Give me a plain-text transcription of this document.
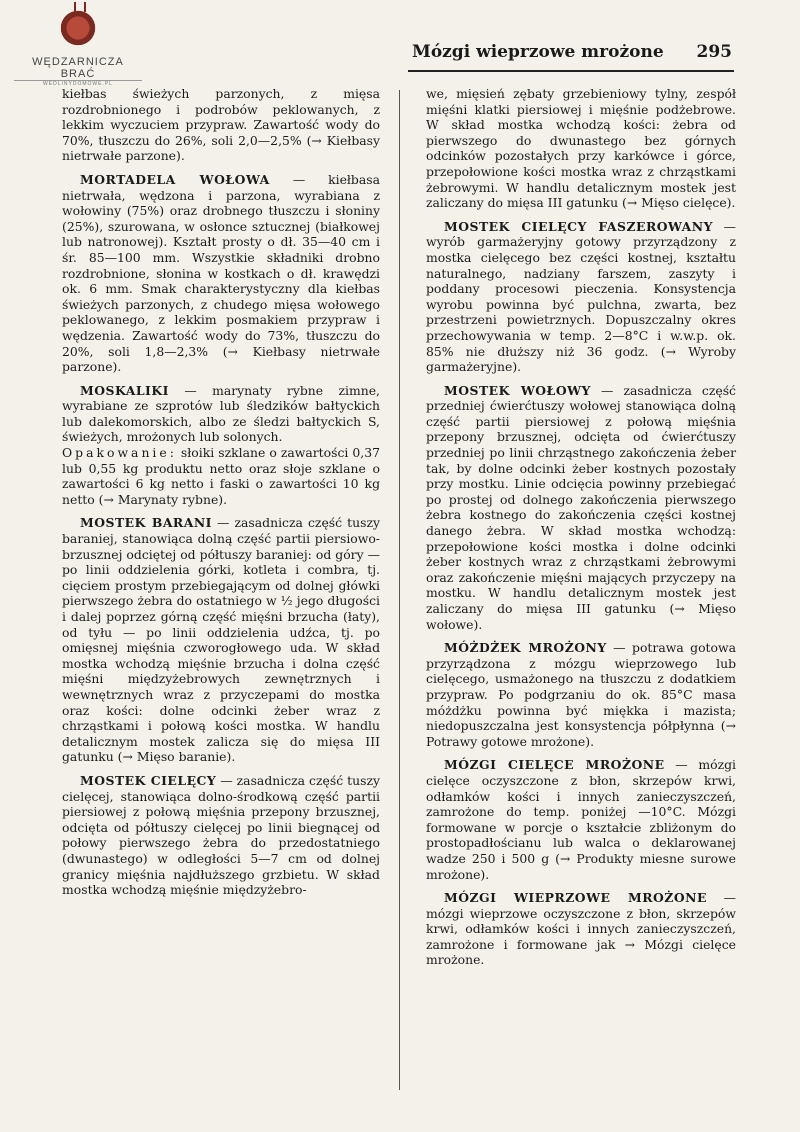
WĘDZARNICZA BRAĆ
WEDLINYDOMOWE.PL
Mózgi wieprzowe mrożone 295

kiełbas świeżych parzonych, z mięsa rozdrobnionego i podrobów peklowanych, z lekkim wyczuciem przypraw. Zawartość wody do 70%, tłuszczu do 26%, soli 2,0—2,5% (→ Kiełbasy nietrwałe parzone).

MORTADELA WOŁOWA — kiełbasa nietrwała, wędzona i parzona, wyrabiana z wołowiny (75%) oraz drobnego tłuszczu i słoniny (25%), szurowana, w osłonce sztucznej (białkowej lub natronowej). Kształt prosty o dł. 35—40 cm i śr. 85—100 mm. Wszystkie składniki drobno rozdrobnione, słonina w kostkach o dł. krawędzi ok. 6 mm. Smak charakterystyczny dla kiełbas świeżych parzonych, z chudego mięsa wołowego peklowanego, z lekkim posmakiem przypraw i wędzenia. Zawartość wody do 73%, tłuszczu do 20%, soli 1,8—2,3% (→ Kiełbasy nietrwałe parzone).

MOSKALIKI — marynaty rybne zimne, wyrabiane ze szprotów lub śledzików bałtyckich lub dalekomorskich, albo ze śledzi bałtyckich S, świeżych, mrożonych lub solonych.
Opakowanie: słoiki szklane o zawartości 0,37 lub 0,55 kg produktu netto oraz słoje szklane o zawartości 6 kg netto i faski o zawartości 10 kg netto (→ Marynaty rybne).

MOSTEK BARANI — zasadnicza część tuszy baraniej, stanowiąca dolną część partii piersiowo-brzusznej odciętej od półtuszy baraniej: od góry — po linii oddzielenia górki, kotleta i combra, tj. cięciem prostym przebiegającym od dolnej główki pierwszego żebra do ostatniego w ½ jego długości i dalej poprzez górną część mięśni brzucha (łaty), od tyłu — po linii oddzielenia udźca, tj. po omięsnej mięśnia czworogłowego uda. W skład mostka wchodzą mięśnie brzucha i dolna część mięśni międzyżebrowych zewnętrznych i wewnętrznych wraz z przyczepami do mostka oraz kości: dolne odcinki żeber wraz z chrząstkami i połową kości mostka. W handlu detalicznym mostek zalicza się do mięsa III gatunku (→ Mięso baranie).

MOSTEK CIELĘCY — zasadnicza część tuszy cielęcej, stanowiąca dolno-środkową część partii piersiowej z połową mięśnia przepony brzusznej, odcięta od półtuszy cielęcej po linii biegnącej od połowy pierwszego żebra do przedostatniego (dwunastego) w odległości 5—7 cm od dolnej granicy mięśnia najdłuższego grzbietu. W skład mostka wchodzą mięśnie międzyżebro-

we, mięsień zębaty grzebieniowy tylny, zespół mięśni klatki piersiowej i mięśnie podżebrowe. W skład mostka wchodzą kości: żebra od pierwszego do dwunastego bez górnych odcinków pozostałych przy karkówce i górce, przepołowione kości mostka wraz z chrząstkami żebrowymi. W handlu detalicznym mostek jest zaliczany do mięsa III gatunku (→ Mięso cielęce).

MOSTEK CIELĘCY FASZEROWANY — wyrób garmażeryjny gotowy przyrządzony z mostka cielęcego bez części kostnej, kształtu naturalnego, nadziany farszem, zaszyty i poddany procesowi pieczenia. Konsystencja wyrobu powinna być pulchna, zwarta, bez przestrzeni powietrznych. Dopuszczalny okres przechowywania w temp. 2—8°C i w.w.p. ok. 85% nie dłuższy niż 36 godz. (→ Wyroby garmażeryjne).

MOSTEK WOŁOWY — zasadnicza część przedniej ćwierćtuszy wołowej stanowiąca dolną część partii piersiowej z połową mięśnia przepony brzusznej, odcięta od ćwierćtuszy przedniej po linii chrząstnego zakończenia żeber tak, by dolne odcinki żeber kostnych pozostały przy mostku. Linie odcięcia powinny przebiegać po prostej od dolnego zakończenia pierwszego żebra kostnego do zakończenia części kostnej danego żebra. W skład mostka wchodzą: przepołowione kości mostka i dolne odcinki żeber kostnych wraz z chrząstkami żebrowymi oraz zakończenie mięśni mających przyczepy na mostku. W handlu detalicznym mostek jest zaliczany do mięsa III gatunku (→ Mięso wołowe).

MÓŻDŻEK MROŻONY — potrawa gotowa przyrządzona z mózgu wieprzowego lub cielęcego, usmażonego na tłuszczu z dodatkiem przypraw. Po podgrzaniu do ok. 85°C masa móżdżku powinna być miękka i mazista; niedopuszczalna jest konsystencja półpłynna (→ Potrawy gotowe mrożone).

MÓZGI CIELĘCE MROŻONE — mózgi cielęce oczyszczone z błon, skrzepów krwi, odłamków kości i innych zanieczyszczeń, zamrożone do temp. poniżej —10°C. Mózgi formowane w porcje o kształcie zbliżonym do prostopadłościanu lub walca o deklarowanej wadze 250 i 500 g (→ Produkty miesne surowe mrożone).

MÓZGI WIEPRZOWE MROŻONE — mózgi wieprzowe oczyszczone z błon, skrzepów krwi, odłamków kości i innych zanieczyszczeń, zamrożone i formowane jak → Mózgi cielęce mrożone.
